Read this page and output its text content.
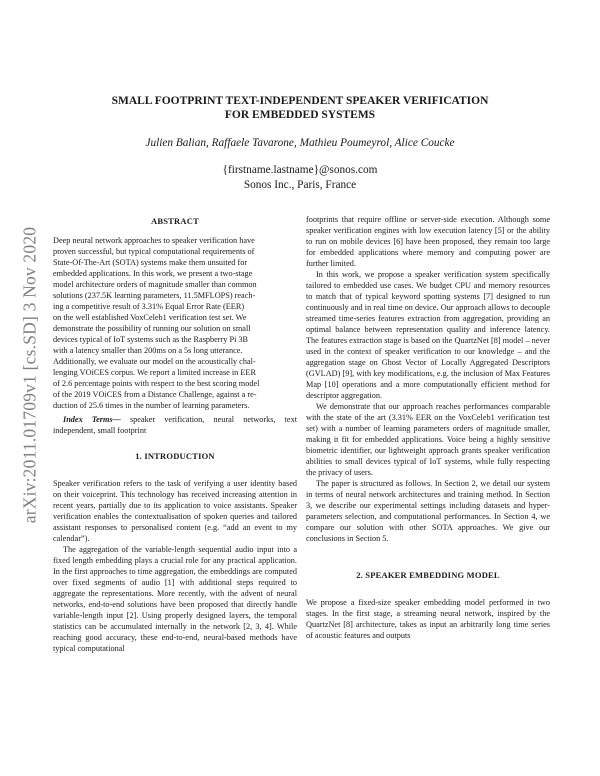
arXiv:2011.01709v1 [cs.SD] 3 Nov 2020
SMALL FOOTPRINT TEXT-INDEPENDENT SPEAKER VERIFICATION
FOR EMBEDDED SYSTEMS
Julien Balian, Raffaele Tavarone, Mathieu Poumeyrol, Alice Coucke
{firstname.lastname}@sonos.com
Sonos Inc., Paris, France

ABSTRACT

Deep neural network approaches to speaker verification have
proven successful, but typical computational requirements of
State-Of-The-Art (SOTA) systems make them unsuited for
embedded applications. In this work, we present a two-stage
model architecture orders of magnitude smaller than common
solutions (237.5K learning parameters, 11.5MFLOPS) reach-
ing a competitive result of 3.31% Equal Error Rate (EER)
on the well established VoxCeleb1 verification test set. We
demonstrate the possibility of running our solution on small
devices typical of IoT systems such as the Raspberry Pi 3B
with a latency smaller than 200ms on a 5s long utterance.
Additionally, we evaluate our model on the acoustically chal-
lenging VOiCES corpus. We report a limited increase in EER
of 2.6 percentage points with respect to the best scoring model
of the 2019 VOiCES from a Distance Challenge, against a re-
duction of 25.6 times in the number of learning parameters.

Index Terms— speaker verification, neural networks, text independent, small footprint

1. INTRODUCTION

Speaker verification refers to the task of verifying a user identity based on their voiceprint. This technology has received increasing attention in recent years, partially due to its application to voice assistants. Speaker verification enables the contextualisation of spoken queries and tailored assistant responses to personalised content (e.g. “add an event to my calendar”).

The aggregation of the variable-length sequential audio input into a fixed length embedding plays a crucial role for any practical application. In the first approaches to time aggregation, the embeddings are computed over fixed segments of audio [1] with additional steps required to aggregate the representations. More recently, with the advent of neural networks, end-to-end solutions have been proposed that directly handle variable-length input [2]. Using properly designed layers, the temporal statistics can be accumulated internally in the network [2, 3, 4]. While reaching good accuracy, these end-to-end, neural-based methods have typical computational

footprints that require offline or server-side execution. Although some speaker verification engines with low execution latency [5] or the ability to run on mobile devices [6] have been proposed, they remain too large for embedded applications where memory and computing power are further limited.

In this work, we propose a speaker verification system specifically tailored to embedded use cases. We budget CPU and memory resources to match that of typical keyword spotting systems [7] designed to run continuously and in real time on device. Our approach allows to decouple streamed time-series features extraction from aggregation, providing an optimal balance between representation quality and inference latency. The features extraction stage is based on the QuartzNet [8] model – never used in the context of speaker verification to our knowledge – and the aggregation stage on Ghost Vector of Locally Aggregated Descriptors (GVLAD) [9], with key modifications, e.g. the inclusion of Max Features Map [10] operations and a more computationally efficient method for descriptor aggregation.

We demonstrate that our approach reaches performances comparable with the state of the art (3.31% EER on the VoxCeleb1 verification test set) with a number of learning parameters orders of magnitude smaller, making it fit for embedded applications. Voice being a highly sensitive biometric identifier, our lightweight approach grants speaker verification abilities to small devices typical of IoT systems, while fully respecting the privacy of users.

The paper is structured as follows. In Section 2, we detail our system in terms of neural network architectures and training method. In Section 3, we describe our experimental settings including datasets and hyper-parameters selection, and computational performances. In Section 4, we compare our solution with other SOTA approaches. We give our conclusions in Section 5.

2. SPEAKER EMBEDDING MODEL

We propose a fixed-size speaker embedding model performed in two stages. In the first stage, a streaming neural network, inspired by the QuartzNet [8] architecture, takes as input an arbitrarily long time series of acoustic features and outputs
